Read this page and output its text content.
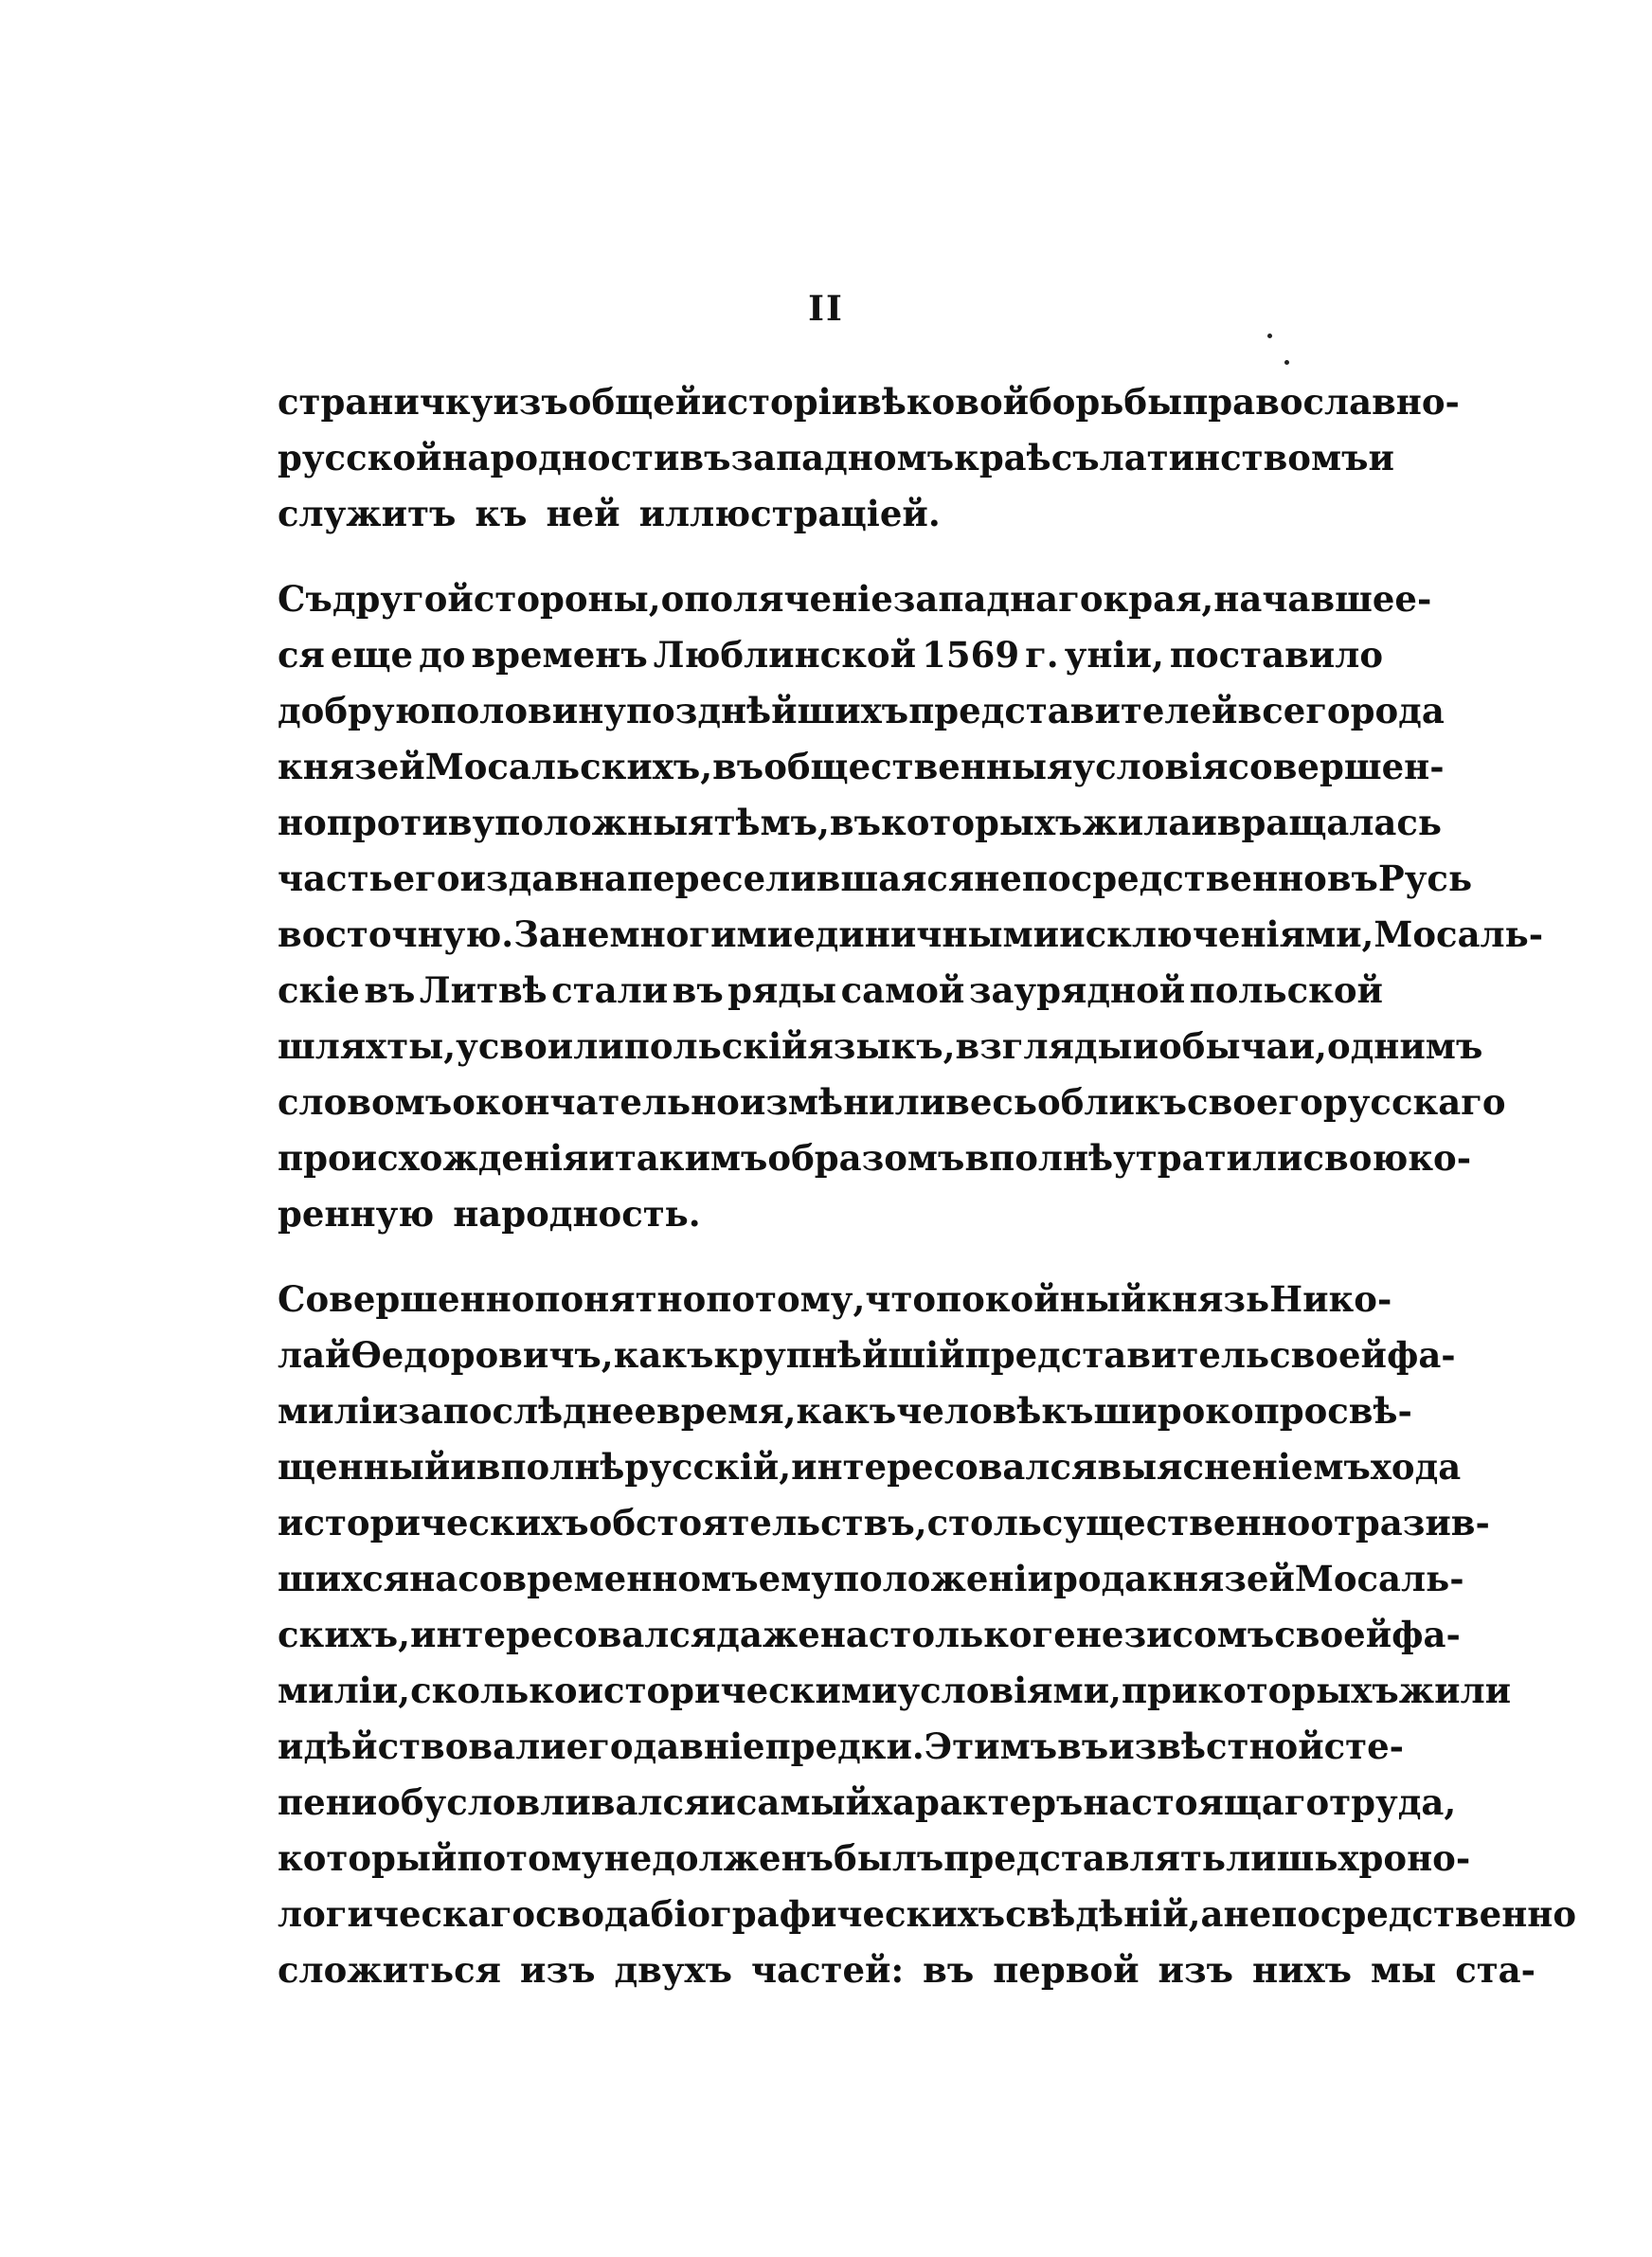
II
страничку изъ общей исторіи вѣковой борьбы православно-
русской народности въ западномъ краѣ съ латинствомъ и
служитъ къ ней иллюстраціей.
Съ другой стороны, ополяченіе западнаго края, начавшее-
ся еще до временъ Люблинской 1569 г. уніи, поставило
добрую половину позднѣйшихъ представителей всего рода
князей Мосальскихъ, въ общественныя условія совершен-
но противуположныя тѣмъ, въ которыхъ жила и вращалась
часть его издавна переселившаяся непосредственно въ Русь
восточную. За немногими единичными исключеніями, Мосаль-
скіе въ Литвѣ стали въ ряды самой заурядной польской
шляхты, усвоили польскій языкъ, взгляды и обычаи, однимъ
словомъ окончательно измѣнили весь обликъ своего русскаго
происхожденія и такимъ образомъ вполнѣ утратили свою ко-
ренную народность.
Совершенно понятно потому, что покойный князь Нико-
лай Ѳедоровичъ, какъ крупнѣйшій представитель своей фа-
миліи за послѣднее время, какъ человѣкъ широко просвѣ-
щенный и вполнѣ русскій, интересовался выясненіемъ хода
историческихъ обстоятельствъ, столь существенно отразив-
шихся на современномъ ему положеніи рода князей Мосаль-
скихъ, интересовался даже настолько генезисомъ своей фа-
миліи, сколько историческими условіями, при которыхъ жили
и дѣйствовали его давніе предки. Этимъ въ извѣстной сте-
пени обусловливался и самый характеръ настоящаго труда,
который потому не долженъ былъ представлять лишь хроно-
логическаго свода біографическихъ свѣдѣній, а непосредственно
сложиться изъ двухъ частей: въ первой изъ нихъ мы ста-
